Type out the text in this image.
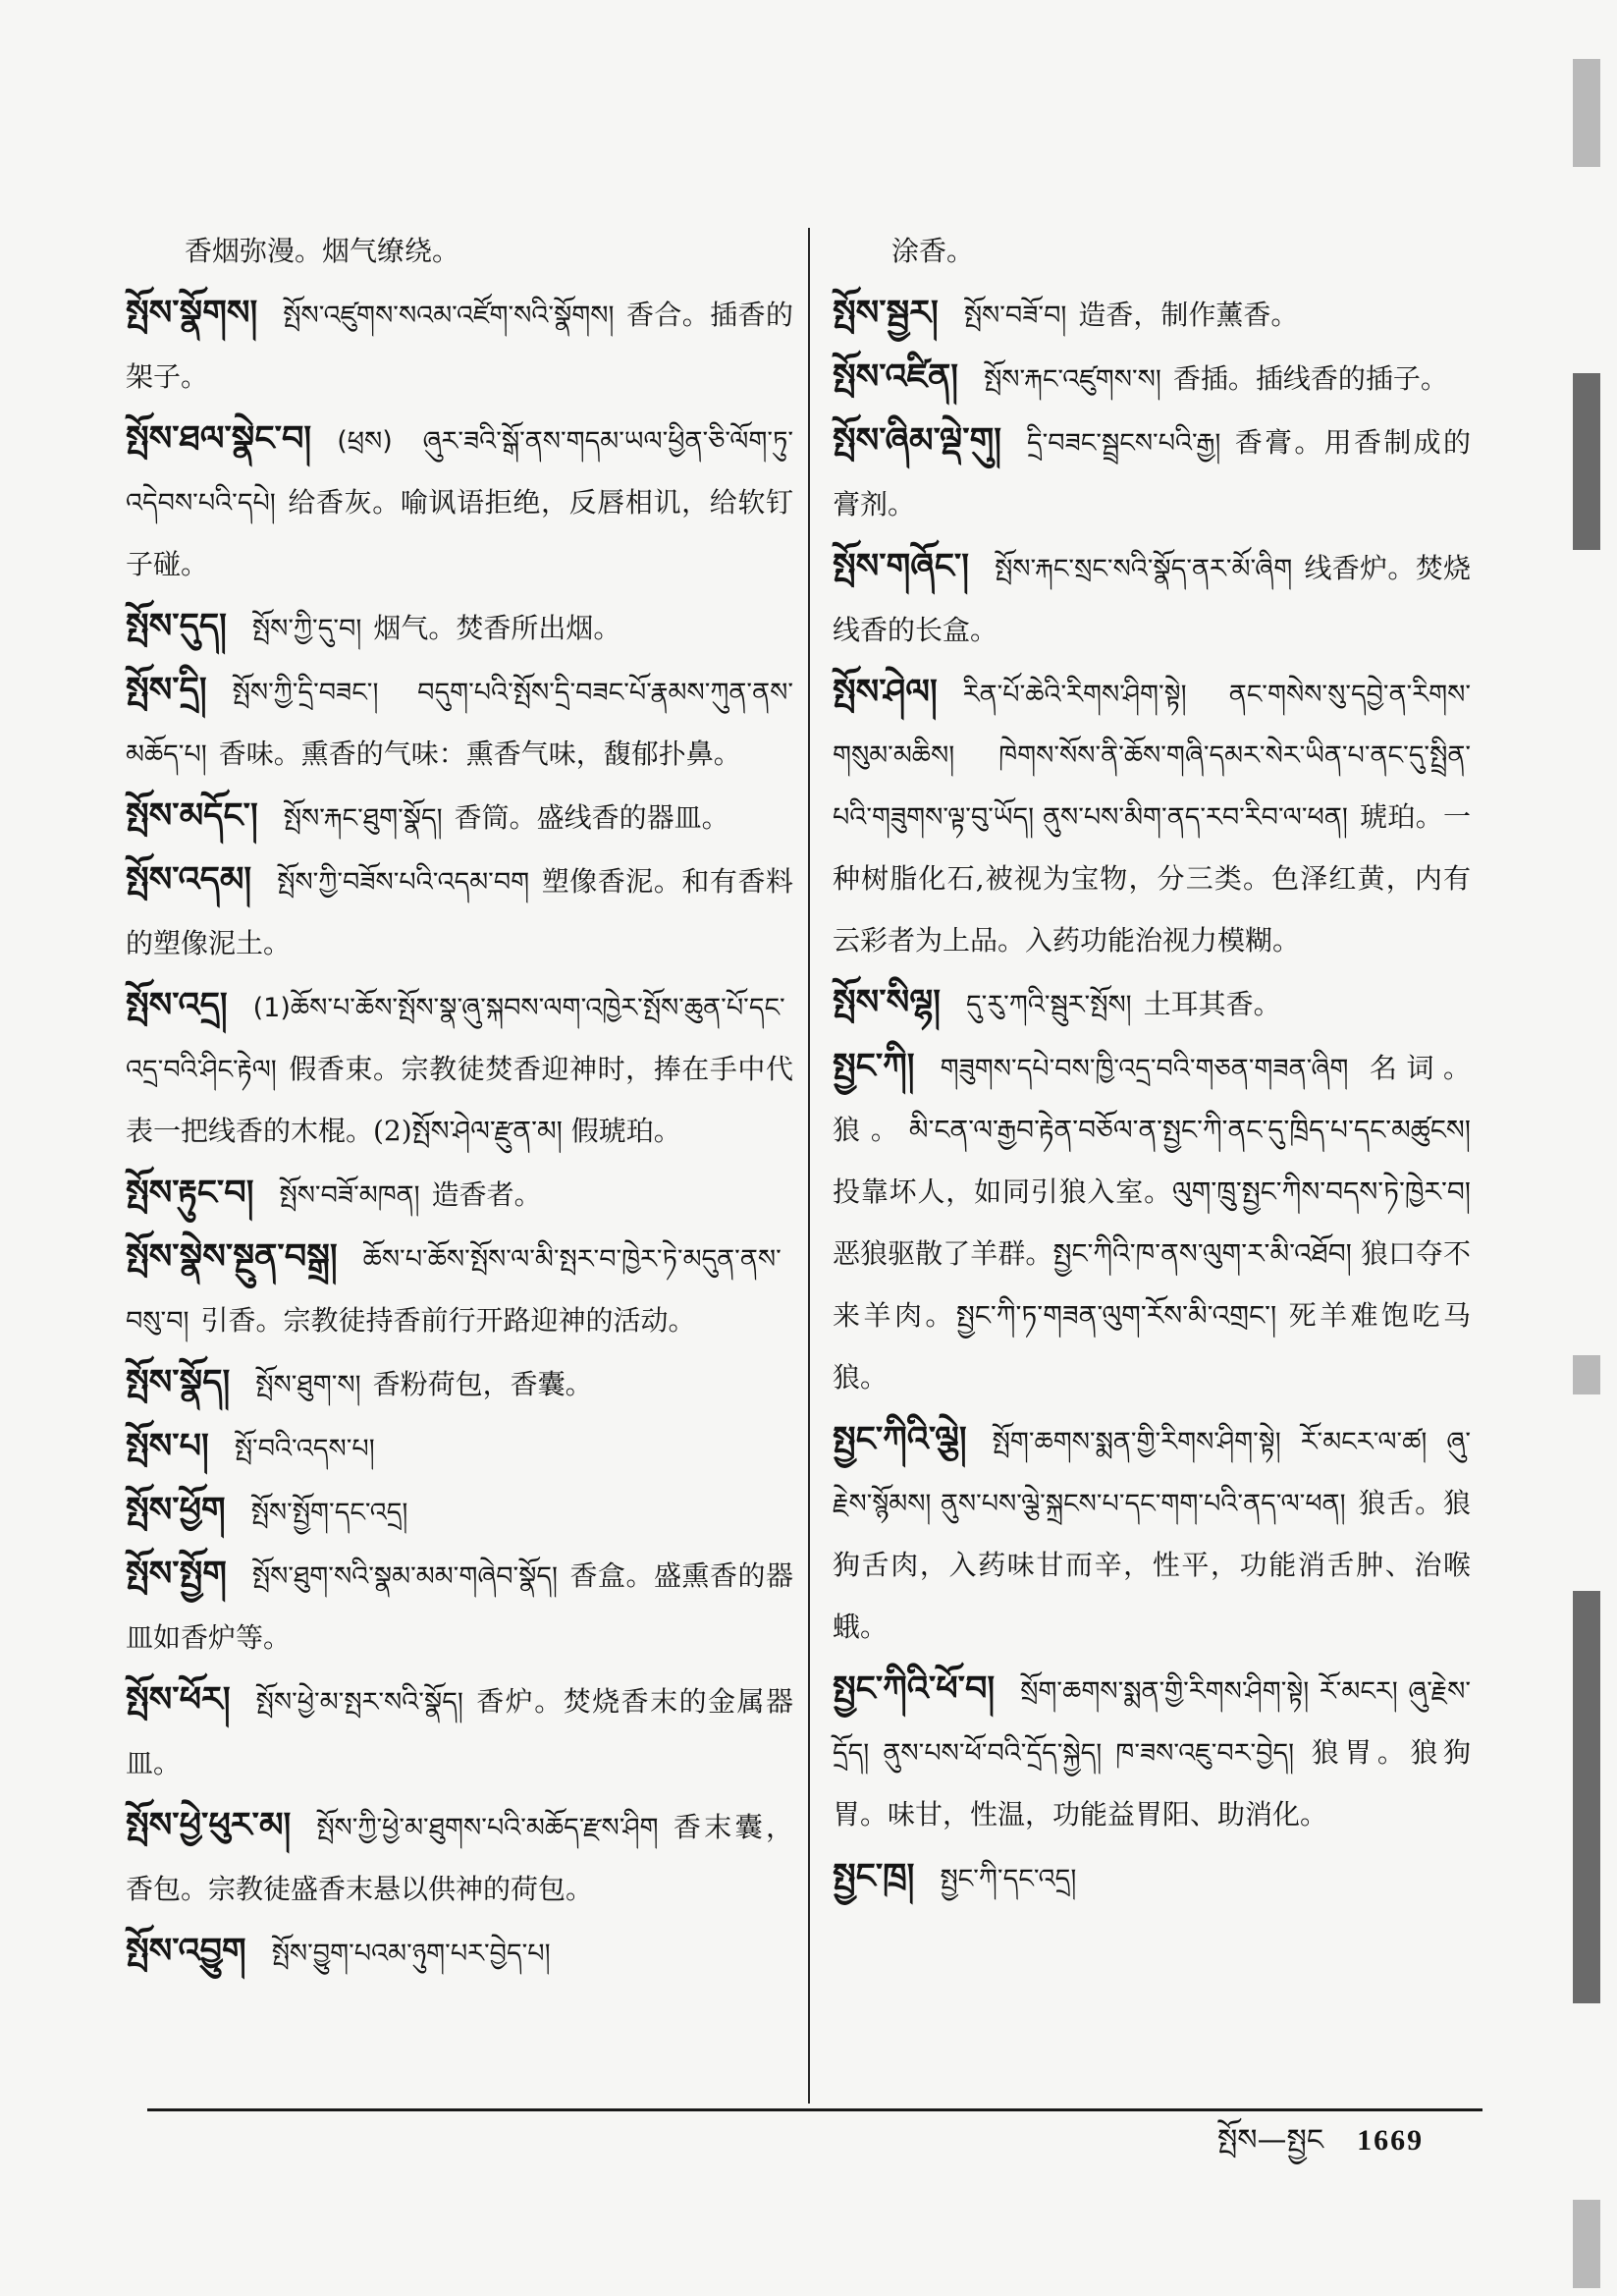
香烟弥漫。烟气缭绕。

སྤོས་སྣོགས། སྤོས་འཛུགས་སའམ་འཛོག་སའི་སྣོགས། 香合。插香的架子。

སྤོས་ཐལ་སྣེང་བ། (ཕྲས) ཞུར་ཟའི་སྒོ་ནས་གདམ་ཡལ་ཕྱིན་ཅི་ལོག་ཏུ་འདེབས་པའི་དཔེ། 给香灰。喻讽语拒绝，反唇相讥，给软钉子碰。

སྤོས་དུད། སྤོས་ཀྱི་དུ་བ། 烟气。焚香所出烟。

སྤོས་དྲི། སྤོས་ཀྱི་དྲི་བཟང་། བདུག་པའི་སྤོས་དྲི་བཟང་པོ་རྣམས་ཀུན་ནས་མཆོད་པ། 香味。熏香的气味：熏香气味，馥郁扑鼻。

སྤོས་མདོང་། སྤོས་རྐང་ཐུག་སྣོད། 香筒。盛线香的器皿。

སྤོས་འདམ། སྤོས་ཀྱི་བཟོས་པའི་འདམ་བག 塑像香泥。和有香料的塑像泥土。

སྤོས་འདྲ། (1)ཆོས་པ་ཆོས་སྤོས་སྣ་ཞུ་སྐབས་ལག་འཁྱེར་སྤོས་ཆུན་པོ་དང་འདྲ་བའི་ཤིང་རྟེལ། 假香束。宗教徒焚香迎神时，捧在手中代表一把线香的木棍。(2)སྤོས་ཤེལ་རྫུན་མ། 假琥珀。

སྤོས་རྟུང་བ། སྤོས་བཟོ་མཁན། 造香者。

སྤོས་སྣེས་སྔུན་བསྒྲ། ཆོས་པ་ཆོས་སྤོས་ལ་མི་སྤར་བ་ཁྱེར་ཏེ་མདུན་ནས་བསུ་བ། 引香。宗教徒持香前行开路迎神的活动。

སྤོས་སྣོད། སྤོས་ཐུག་ས། 香粉荷包，香囊。

སྤོས་པ། སྤོ་བའི་འདས་པ།

སྤོས་ཕྱོག སྤོས་སྤྱོག་དང་འདྲ།

སྤོས་སྤྱོག སྤོས་ཐུག་སའི་སྣམ་མམ་གཞེབ་སྣོད། 香盒。盛熏香的器皿如香炉等。

སྤོས་ཕོར། སྤོས་ཕྱེ་མ་སྤར་སའི་སྣོད། 香炉。焚烧香末的金属器皿。

སྤོས་ཕྱེ་ཕུར་མ། སྤོས་ཀྱི་ཕྱེ་མ་ཐུགས་པའི་མཆོད་རྫས་ཤིག 香末囊，香包。宗教徒盛香末悬以供神的荷包。

སྤོས་འབྱུག སྤོས་བྱུག་པའམ་ཉུག་པར་བྱེད་པ།

涂香。

སྤོས་སྦྱར། སྤོས་བཟོ་བ། 造香，制作薰香。

སྤོས་འཛིན། སྤོས་རྐང་འཛུགས་ས། 香插。插线香的插子。

སྤོས་ཞིམ་ལྡེ་གུ། དྲི་བཟང་སྦྲངས་པའི་རྒྱ། 香膏。用香制成的膏剂。

སྤོས་གཞོང་། སྤོས་རྐང་སྲང་སའི་སྣོད་ནར་མོ་ཞིག 线香炉。焚烧线香的长盒。

སྤོས་ཤེལ། རིན་པོ་ཆེའི་རིགས་ཤིག་སྟེ། ནང་གསེས་སུ་དབྱེ་ན་རིགས་གསུམ་མཆིས། ཁེགས་སོས་ནི་ཆོས་གཞི་དམར་སེར་ཡིན་པ་ནང་དུ་སྤྲིན་པའི་གཟུགས་ལྟ་བུ་ཡོད། ནུས་པས་མིག་ནད་རབ་རིབ་ལ་ཕན། 琥珀。一种树脂化石,被视为宝物，分三类。色泽红黄，内有云彩者为上品。入药功能治视力模糊。

སྤོས་སིལྷ། དུ་རུ་ཀའི་སྦུར་སྤོས། 土耳其香。

སྤྱང་ཀི། གཟུགས་དཔེ་བས་ཁྱི་འདྲ་བའི་གཅན་གཟན་ཞིག 名词。狼。མི་ངན་ལ་རྒྱབ་རྟེན་བཅོལ་ན་སྤྱང་ཀི་ནང་དུ་ཁྲིད་པ་དང་མཚུངས། 投靠坏人，如同引狼入室。ལུག་ཁྲུ་སྤྱང་ཀིས་བདས་ཏེ་ཁྱེར་བ། 恶狼驱散了羊群。སྤྱང་ཀིའི་ཁ་ནས་ལུག་ར་མི་འཐོབ། 狼口夺不来羊肉。སྤྱང་ཀི་ཏ་གཟན་ལུག་རོས་མི་འགྲང་། 死羊难饱吃马狼。

སྤྱང་ཀིའི་ལྕེ། སྤོག་ཆགས་སྨན་གྱི་རིགས་ཤིག་སྟེ། རོ་མངར་ལ་ཚ། ཞུ་རྗེས་སྙོམས། ནུས་པས་ལྕེ་སྐྲངས་པ་དང་གག་པའི་ནད་ལ་ཕན། 狼舌。狼狗舌肉，入药味甘而辛，性平，功能消舌肿、治喉蛾。

སྤྱང་ཀིའི་ཕོ་བ། སྲོག་ཆགས་སྨན་གྱི་རིགས་ཤིག་སྟེ། རོ་མངར། ཞུ་རྗེས་དྲོད། ནུས་པས་ཕོ་བའི་དྲོད་སྐྱེད། ཁ་ཟས་འཇུ་བར་བྱེད། 狼胃。狼狗胃。味甘，性温，功能益胃阳、助消化。

སྤྱང་ཁྲ། སྤྱང་ཀི་དང་འདྲ།

སྤོས—སྤྱང 1669
